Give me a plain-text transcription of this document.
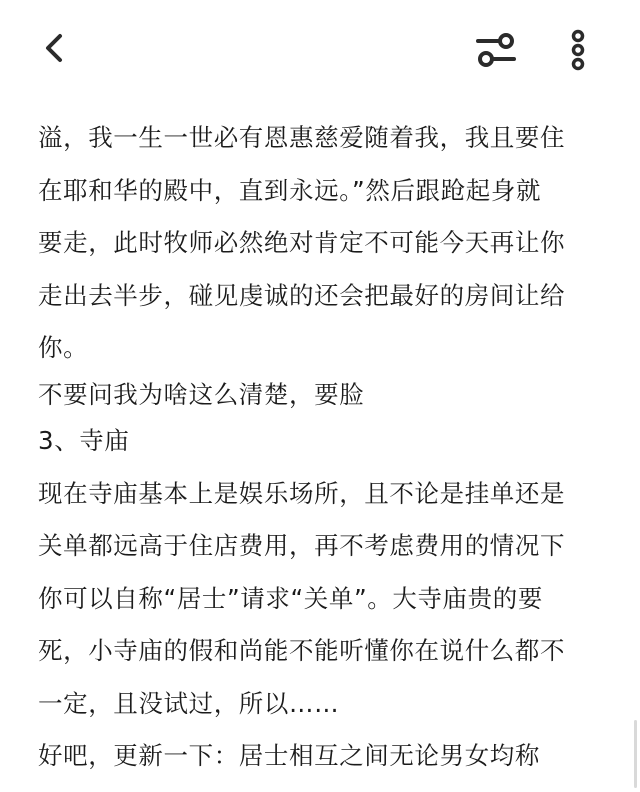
溢，我一生一世必有恩惠慈爱随着我，我且要住

在耶和华的殿中，直到永远。”然后跟跄起身就

要走，此时牧师必然绝对肯定不可能今天再让你

走出去半步，碰见虔诚的还会把最好的房间让给

你。

不要问我为啥这么清楚，要脸

3、寺庙

现在寺庙基本上是娱乐场所，且不论是挂单还是

关单都远高于住店费用，再不考虑费用的情况下

你可以自称“居士”请求“关单”。大寺庙贵的要

死，小寺庙的假和尚能不能听懂你在说什么都不

一定，且没试过，所以……

好吧，更新一下：居士相互之间无论男女均称
